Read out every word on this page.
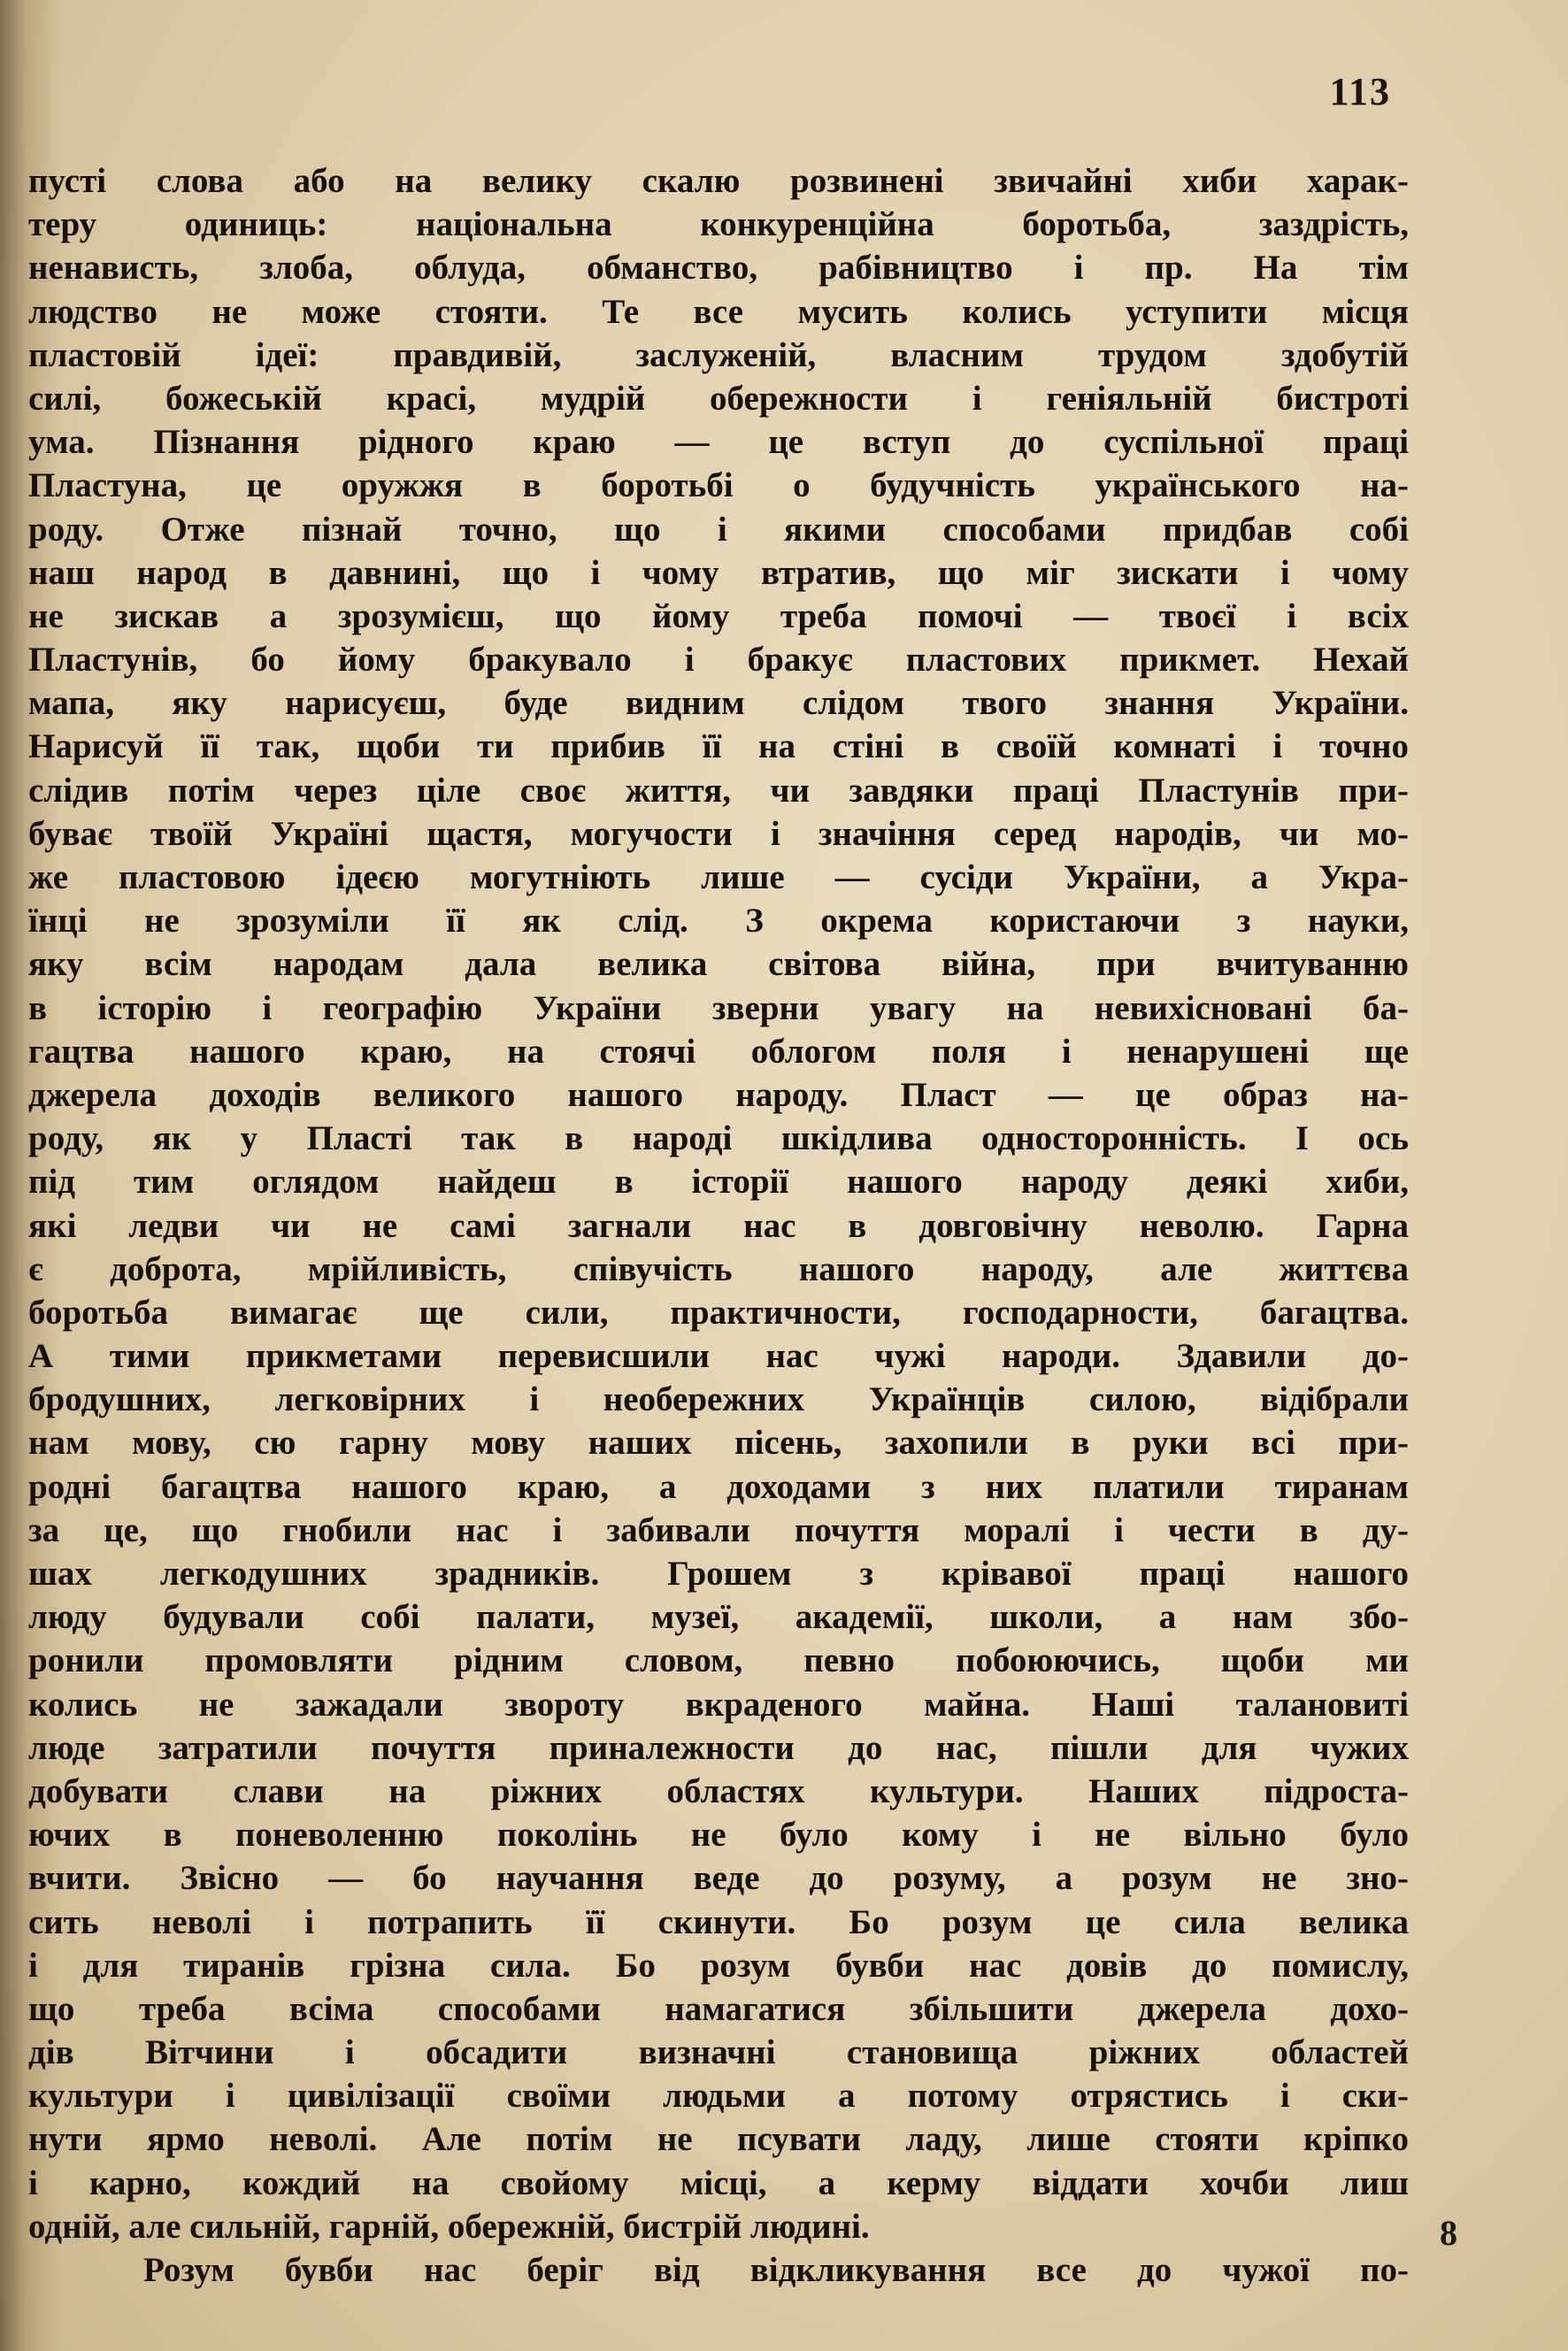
113
пусті слова або на велику скалю розвинені звичайні хиби харак-
теру одиниць: національна конкуренційна боротьба, заздрість,
ненависть, злоба, облуда, обманство, рабівництво і пр. На тім
людство не може стояти. Те все мусить колись уступити місця
пластовій ідеї: правдивій, заслуженій, власним трудом здобутій
силі, божеській красі, мудрій обережности і геніяльній бистроті
ума. Пізнання рідного краю — це вступ до суспільної праці
Пластуна, це оружжя в боротьбі о будучність українського на-
роду. Отже пізнай точно, що і якими способами придбав собі
наш народ в давнині, що і чому втратив, що міг зискати і чому
не зискав а зрозумієш, що йому треба помочі — твоєї і всіх
Пластунів, бо йому бракувало і бракує пластових прикмет. Нехай
мапа, яку нарисуєш, буде видним слідом твого знання України.
Нарисуй її так, щоби ти прибив її на стіні в своїй комнаті і точно
слідив потім через ціле своє життя, чи завдяки праці Пластунів при-
буває твоїй Україні щастя, могучости і значіння серед народів, чи мо-
же пластовою ідеєю могутніють лише — сусіди України, а Укра-
їнці не зрозуміли її як слід. З окрема користаючи з науки,
яку всім народам дала велика світова війна, при вчитуванню
в історію і географію України зверни увагу на невихісновані ба-
гацтва нашого краю, на стоячі облогом поля і ненарушені ще
джерела доходів великого нашого народу. Пласт — це образ на-
роду, як у Пласті так в народі шкідлива односторонність. І ось
під тим оглядом найдеш в історії нашого народу деякі хиби,
які ледви чи не самі загнали нас в довговічну неволю. Гарна
є доброта, мрійливість, співучість нашого народу, але життєва
боротьба вимагає ще сили, практичности, господарности, багацтва.
А тими прикметами перевисшили нас чужі народи. Здавили до-
бродушних, легковірних і необережних Українців силою, відібрали
нам мову, сю гарну мову наших пісень, захопили в руки всі при-
родні багацтва нашого краю, а доходами з них платили тиранам
за це, що гнобили нас і забивали почуття моралі і чести в ду-
шах легкодушних зрадників. Грошем з крівавої праці нашого
люду будували собі палати, музеї, академії, школи, а нам збо-
ронили промовляти рідним словом, певно побоюючись, щоби ми
колись не зажадали звороту вкраденого майна. Наші талановиті
люде затратили почуття приналежности до нас, пішли для чужих
добувати слави на ріжних областях культури. Наших підроста-
ючих в поневоленню поколінь не було кому і не вільно було
вчити. Звісно — бо научання веде до розуму, а розум не зно-
сить неволі і потрапить її скинути. Бо розум це сила велика
і для тиранів грізна сила. Бо розум бувби нас довів до помислу,
що треба всіма способами намагатися збільшити джерела дохо-
дів Вітчини і обсадити визначні становища ріжних областей
культури і цивілізації своїми людьми а потому отрястись і ски-
нути ярмо неволі. Але потім не псувати ладу, лише стояти кріпко
і карно, кождий на свойому місці, а керму віддати хочби лиш
одній, але сильній, гарній, обережній, бистрій людині.
Розум бувби нас беріг від відкликування все до чужої по-
8
